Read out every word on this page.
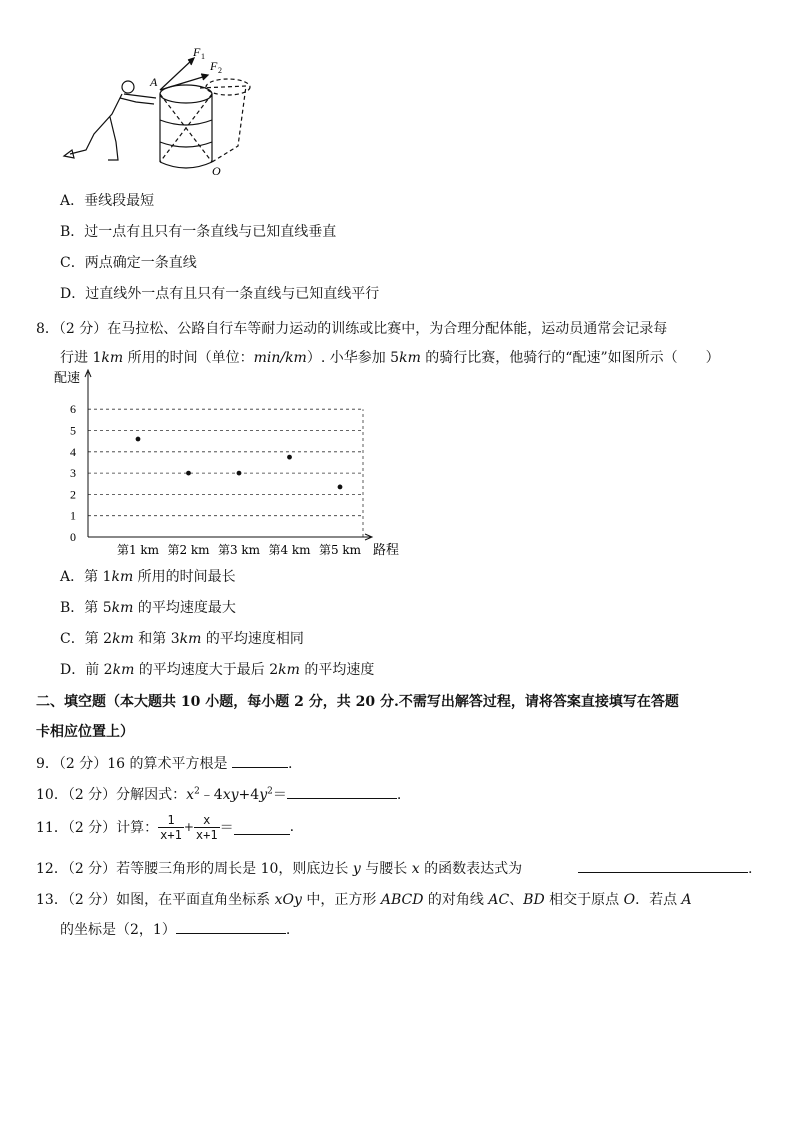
F 1
F 2
A
O
A．垂线段最短
B．过一点有且只有一条直线与已知直线垂直
C．两点确定一条直线
D．过直线外一点有且只有一条直线与已知直线平行
8．（2 分）在马拉松、公路自行车等耐力运动的训练或比赛中，为合理分配体能，运动员通常会记录每
行进 1km 所用的时间（单位：min/km）. 小华参加 5km 的骑行比赛，他骑行的“配速”如图所示（　　）
0
1
2
3
4
5
6
配速
第1 km 第2 km 第3 km 第4 km 第5 km 路程
A．第 1km 所用的时间最长
B．第 5km 的平均速度最大
C．第 2km 和第 3km 的平均速度相同
D．前 2km 的平均速度大于最后 2km 的平均速度
二、填空题（本大题共 10 小题，每小题 2 分，共 20 分.不需写出解答过程，请将答案直接填写在答题
卡相应位置上）
9．（2 分）16 的算术平方根是	.
10．（2 分）分解因式：$x^2﹣4xy+4y^2=$	.
11．（2 分）计算： $\frac{1}{x+1} + \frac{x}{x+1}$ ＝	.
12．（2 分）若等腰三角形的周长是 10，则底边长 y 与腰长 x 的函数表达式为	.
13．（2 分）如图，在平面直角坐标系 xOy 中，正方形 ABCD 的对角线 AC、BD 相交于原点 O．若点 A
的坐标是（2，1）	.
